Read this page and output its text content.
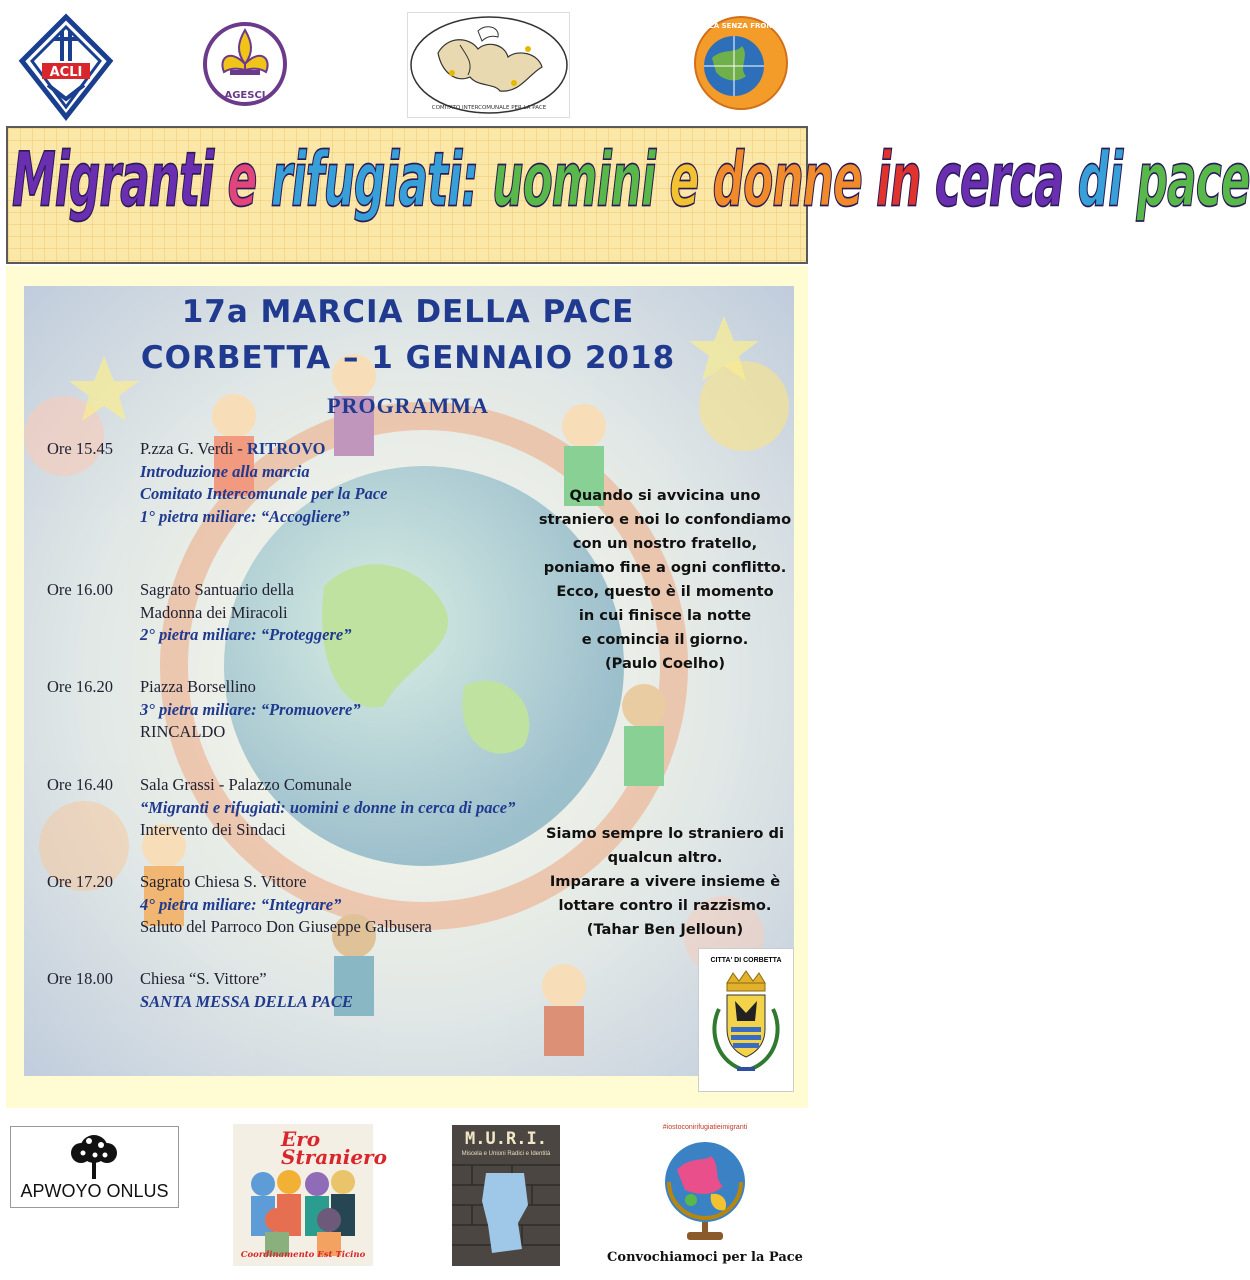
ACLI
AGESCI
COMITATO INTERCOMUNALE PER LA PACE
SCUOLA SENZA FRONTIERE
Migranti e rifugiati: uomini e donne in cerca di pace
17a MARCIA DELLA PACE
CORBETTA – 1 GENNAIO 2018
PROGRAMMA
Ore 15.45	P.zza G. Verdi - RITROVO
Introduzione alla marcia
Comitato Intercomunale per la Pace
1° pietra miliare: “Accogliere”
Ore 16.00	Sagrato Santuario della
Madonna dei Miracoli
2° pietra miliare: “Proteggere”
Ore 16.20	Piazza Borsellino
3° pietra miliare: “Promuovere”
RINCALDO
Ore 16.40	Sala Grassi - Palazzo Comunale
“Migranti e rifugiati: uomini e donne in cerca di pace”
Intervento dei Sindaci
Ore 17.20	Sagrato Chiesa S. Vittore
4° pietra miliare: “Integrare”
Saluto del Parroco Don Giuseppe Galbusera
Ore 18.00	Chiesa “S. Vittore”
SANTA MESSA DELLA PACE
Quando si avvicina uno
straniero e noi lo confondiamo
con un nostro fratello,
poniamo fine a ogni conflitto.
Ecco, questo è il momento
in cui finisce la notte
e comincia il giorno.
(Paulo Coelho)
Siamo sempre lo straniero di
qualcun altro.
Imparare a vivere insieme è
lottare contro il razzismo.
(Tahar Ben Jelloun)
CITTA' DI CORBETTA
APWOYO ONLUS
Ero Straniero
Coordinamento Est Ticino
M.U.R.I.
Miscela e Unioni Radici e Identità
#iostoconirifugiatieimigranti
Convochiamoci per la Pace
